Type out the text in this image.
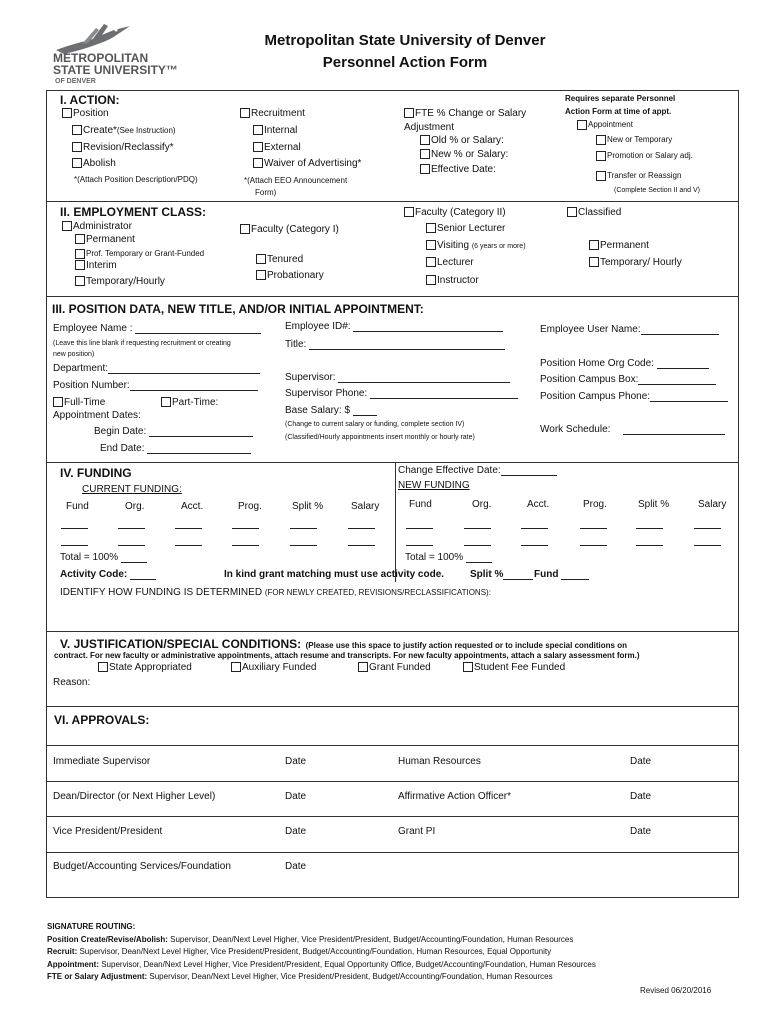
METROPOLITAN
STATE UNIVERSITY™
OF DENVER
Metropolitan State University of Denver
Personnel Action Form
I. ACTION:	Requires separate Personnel
Action Form at time of appt.
Position
Create*(See Instruction)
Revision/Reclassify*
Abolish
*(Attach Position Description/PDQ)
Recruitment
Internal
External
Waiver of Advertising*
*(Attach EEO Announcement
Form)
FTE % Change or Salary
Adjustment
Old % or Salary:
New % or Salary:
Effective Date:
Appointment
New or Temporary
Promotion or Salary adj.
Transfer or Reassign
(Complete Section II and V)
II. EMPLOYMENT CLASS:
Administrator
Permanent
Prof. Temporary or Grant-Funded
Interim
Temporary/Hourly
Faculty (Category I)
Tenured
Probationary
Faculty (Category II)
Senior Lecturer
Visiting (6 years or more)
Lecturer
Instructor
Classified
Permanent
Temporary/ Hourly
III. POSITION DATA, NEW TITLE, AND/OR INITIAL APPOINTMENT:
Employee Name :
(Leave this line blank if requesting recruitment or creating
new position)
Department:
Position Number:
Full-Time	Part-Time:
Appointment Dates:
Begin Date:
End Date:
Employee ID#:
Title:
Supervisor:
Supervisor Phone:
Base Salary: $
(Change to current salary or funding, complete section IV)
(Classified/Hourly appointments insert monthly or hourly rate)
Employee User Name:
Position Home Org Code:
Position Campus Box:
Position Campus Phone:
Work Schedule:
IV. FUNDING
CURRENT FUNDING:
Fund	Org.	Acct.	Prog.	Split %	Salary
Change Effective Date:
NEW FUNDING
Fund	Org.	Acct.	Prog.	Split %	Salary
Total = 100%	Total = 100%
Activity Code:	In kind grant matching must use activity code.	Split %	Fund
IDENTIFY HOW FUNDING IS DETERMINED (FOR NEWLY CREATED, REVISIONS/RECLASSIFICATIONS):
V. JUSTIFICATION/SPECIAL CONDITIONS: (Please use this space to justify action requested or to include special conditions on
contract. For new faculty or administrative appointments, attach resume and transcripts. For new faculty appointments, attach a salary assessment form.)
State Appropriated	Auxiliary Funded	Grant Funded	Student Fee Funded
Reason:
VI. APPROVALS:
Immediate Supervisor	Date	Human Resources	Date
Dean/Director (or Next Higher Level)	Date	Affirmative Action Officer*	Date
Vice President/President	Date	Grant PI	Date
Budget/Accounting Services/Foundation	Date
SIGNATURE ROUTING:
Position Create/Revise/Abolish: Supervisor, Dean/Next Level Higher, Vice President/President, Budget/Accounting/Foundation, Human Resources
Recruit: Supervisor, Dean/Next Level Higher, Vice President/President, Budget/Accounting/Foundation, Human Resources, Equal Opportunity
Appointment: Supervisor, Dean/Next Level Higher, Vice President/President, Equal Opportunity Office, Budget/Accounting/Foundation, Human Resources
FTE or Salary Adjustment: Supervisor, Dean/Next Level Higher, Vice President/President, Budget/Accounting/Foundation, Human Resources
Revised 06/20/2016
